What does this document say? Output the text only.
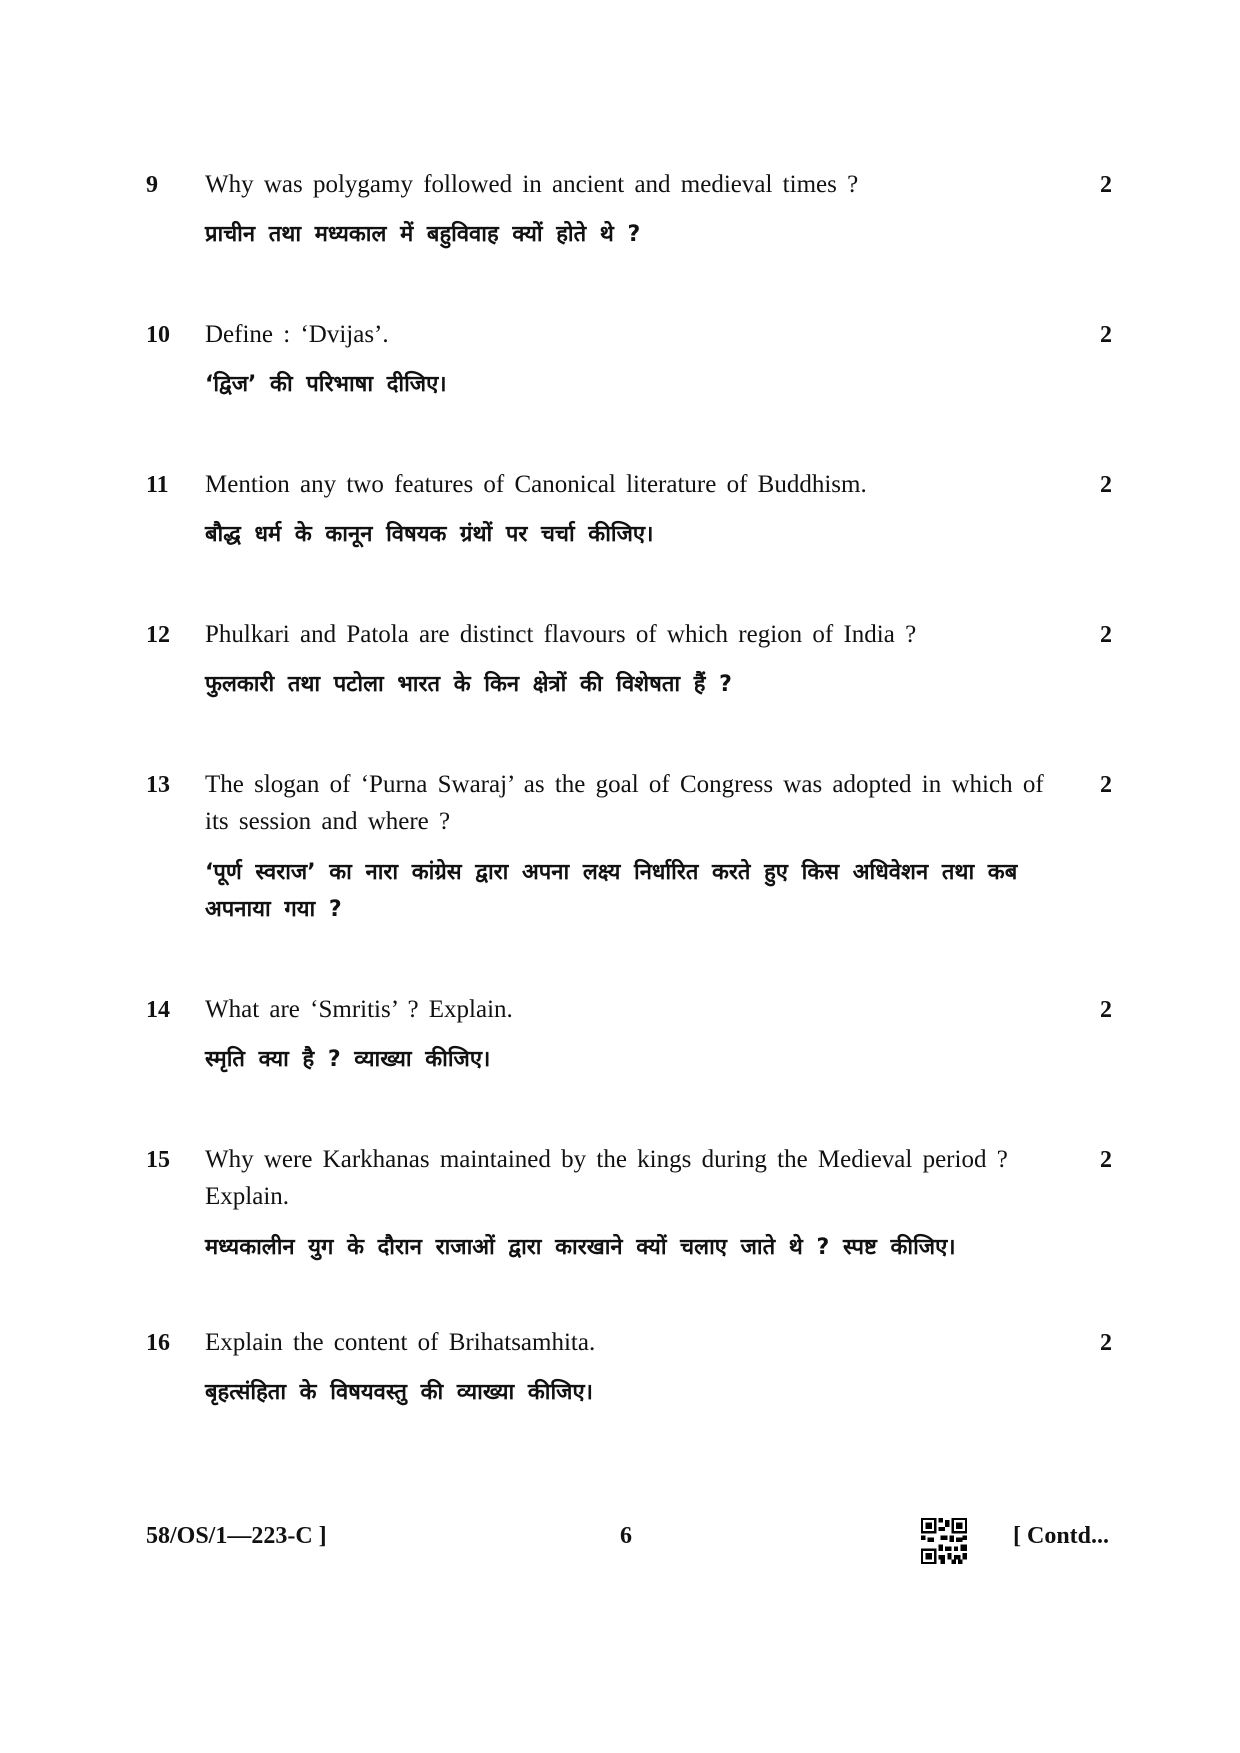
9 Why was polygamy followed in ancient and medieval times ?
प्राचीन तथा मध्यकाल में बहुविवाह क्यों होते थे ?
2
10 Define : ‘Dvijas’.
‘द्विज’ की परिभाषा दीजिए।
2
11 Mention any two features of Canonical literature of Buddhism.
बौद्ध धर्म के कानून विषयक ग्रंथों पर चर्चा कीजिए।
2
12 Phulkari and Patola are distinct flavours of which region of India ?
फुलकारी तथा पटोला भारत के किन क्षेत्रों की विशेषता हैं ?
2
13 The slogan of ‘Purna Swaraj’ as the goal of Congress was adopted in which of its session and where ?
‘पूर्ण स्वराज’ का नारा कांग्रेस द्वारा अपना लक्ष्य निर्धारित करते हुए किस अधिवेशन तथा कब अपनाया गया ?
2
14 What are ‘Smritis’ ? Explain.
स्मृति क्या है ? व्याख्या कीजिए।
2
15 Why were Karkhanas maintained by the kings during the Medieval period ? Explain.
मध्यकालीन युग के दौरान राजाओं द्वारा कारखाने क्यों चलाए जाते थे ? स्पष्ट कीजिए।
2
16 Explain the content of Brihatsamhita.
बृहत्संहिता के विषयवस्तु की व्याख्या कीजिए।
2
58/OS/1—223-C ]	6	[ Contd...
